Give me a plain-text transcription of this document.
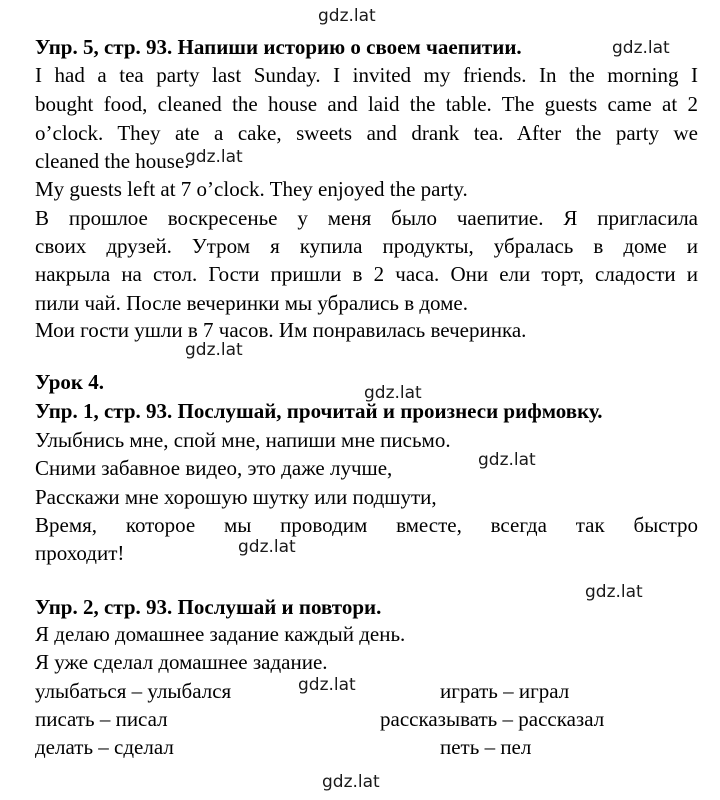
gdz.lat
gdz.lat
gdz.lat
gdz.lat
gdz.lat
gdz.lat
gdz.lat
gdz.lat
gdz.lat
gdz.lat
Упр. 5, стр. 93. Напиши историю о своем чаепитии.
I had a tea party last Sunday. I invited my friends. In the morning I
bought food, cleaned the house and laid the table. The guests came at 2
o’clock. They ate a cake, sweets and drank tea. After the party we
cleaned the house.
My guests left at 7 o’clock. They enjoyed the party.
В прошлое воскресенье у меня было чаепитие. Я пригласила
своих друзей. Утром я купила продукты, убралась в доме и
накрыла на стол. Гости пришли в 2 часа. Они ели торт, сладости и
пили чай. После вечеринки мы убрались в доме.
Мои гости ушли в 7 часов. Им понравилась вечеринка.
Урок 4.
Упр. 1, стр. 93. Послушай, прочитай и произнеси рифмовку.
Улыбнись мне, спой мне, напиши мне письмо.
Сними забавное видео, это даже лучше,
Расскажи мне хорошую шутку или подшути,
Время, которое мы проводим вместе, всегда так быстро
проходит!
Упр. 2, стр. 93. Послушай и повтори.
Я делаю домашнее задание каждый день.
Я уже сделал домашнее задание.
улыбаться – улыбался	играть – играл
писать – писал	рассказывать – рассказал
делать – сделал	петь – пел
